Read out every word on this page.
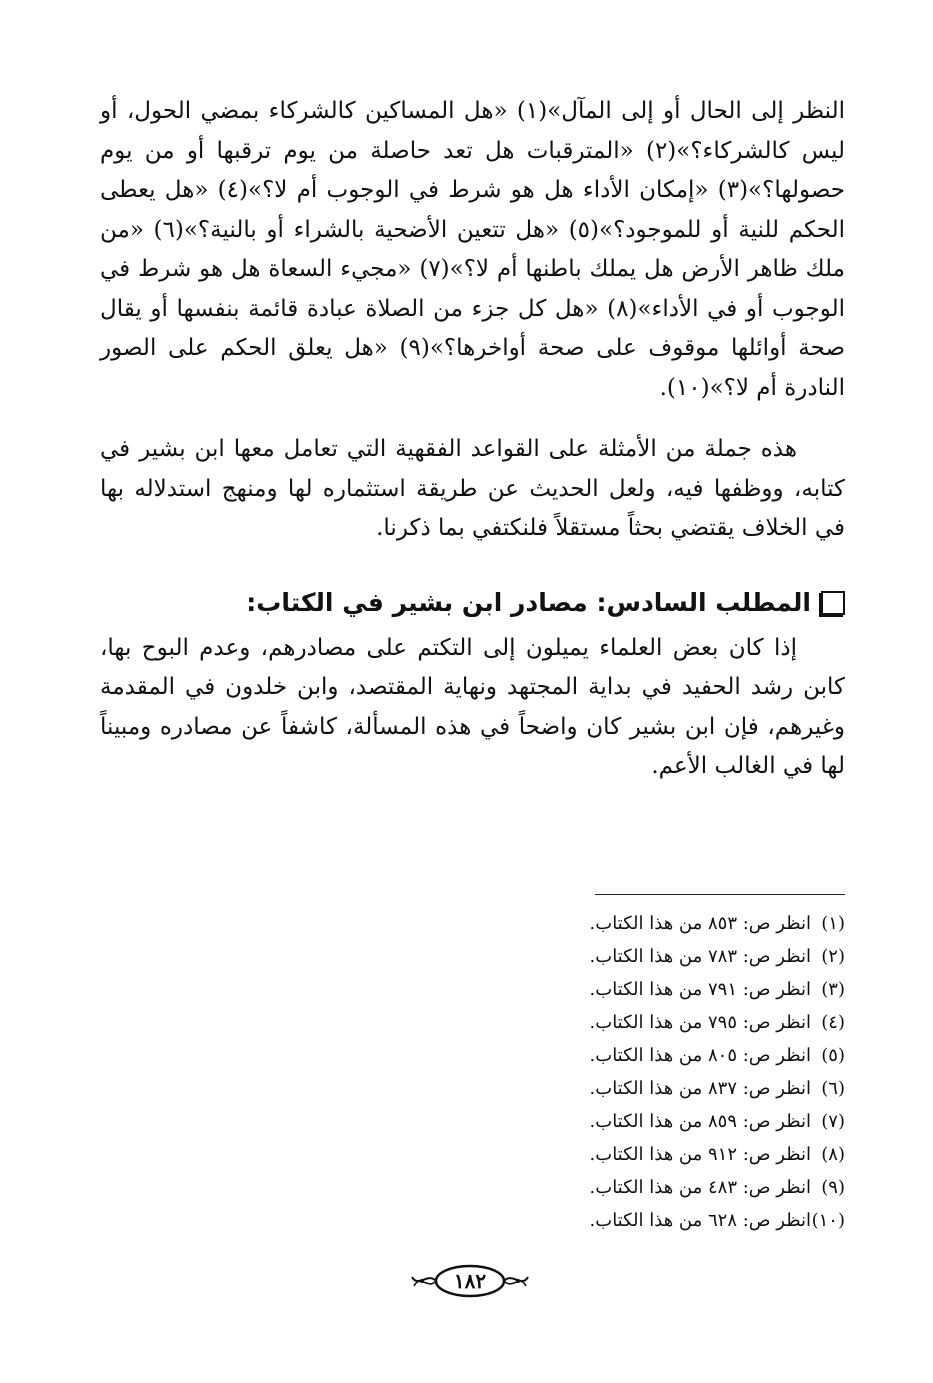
النظر إلى الحال أو إلى المآل»(١) «هل المساكين كالشركاء بمضي الحول، أو ليس كالشركاء؟»(٢) «المترقبات هل تعد حاصلة من يوم ترقبها أو من يوم حصولها؟»(٣) «إمكان الأداء هل هو شرط في الوجوب أم لا؟»(٤) «هل يعطى الحكم للنية أو للموجود؟»(٥) «هل تتعين الأضحية بالشراء أو بالنية؟»(٦) «من ملك ظاهر الأرض هل يملك باطنها أم لا؟»(٧) «مجيء السعاة هل هو شرط في الوجوب أو في الأداء»(٨) «هل كل جزء من الصلاة عبادة قائمة بنفسها أو يقال صحة أوائلها موقوف على صحة أواخرها؟»(٩) «هل يعلق الحكم على الصور النادرة أم لا؟»(١٠).

هذه جملة من الأمثلة على القواعد الفقهية التي تعامل معها ابن بشير في كتابه، ووظفها فيه، ولعل الحديث عن طريقة استثماره لها ومنهج استدلاله بها في الخلاف يقتضي بحثاً مستقلاً فلنكتفي بما ذكرنا.

المطلب السادس: مصادر ابن بشير في الكتاب:

إذا كان بعض العلماء يميلون إلى التكتم على مصادرهم، وعدم البوح بها، كابن رشد الحفيد في بداية المجتهد ونهاية المقتصد، وابن خلدون في المقدمة وغيرهم، فإن ابن بشير كان واضحاً في هذه المسألة، كاشفاً عن مصادره ومبيناً لها في الغالب الأعم.

(١)انظر ص: ٨٥٣ من هذا الكتاب.
(٢)انظر ص: ٧٨٣ من هذا الكتاب.
(٣)انظر ص: ٧٩١ من هذا الكتاب.
(٤)انظر ص: ٧٩٥ من هذا الكتاب.
(٥)انظر ص: ٨٠٥ من هذا الكتاب.
(٦)انظر ص: ٨٣٧ من هذا الكتاب.
(٧)انظر ص: ٨٥٩ من هذا الكتاب.
(٨)انظر ص: ٩١٢ من هذا الكتاب.
(٩)انظر ص: ٤٨٣ من هذا الكتاب.
(١٠)انظر ص: ٦٢٨ من هذا الكتاب.
١٨٢
